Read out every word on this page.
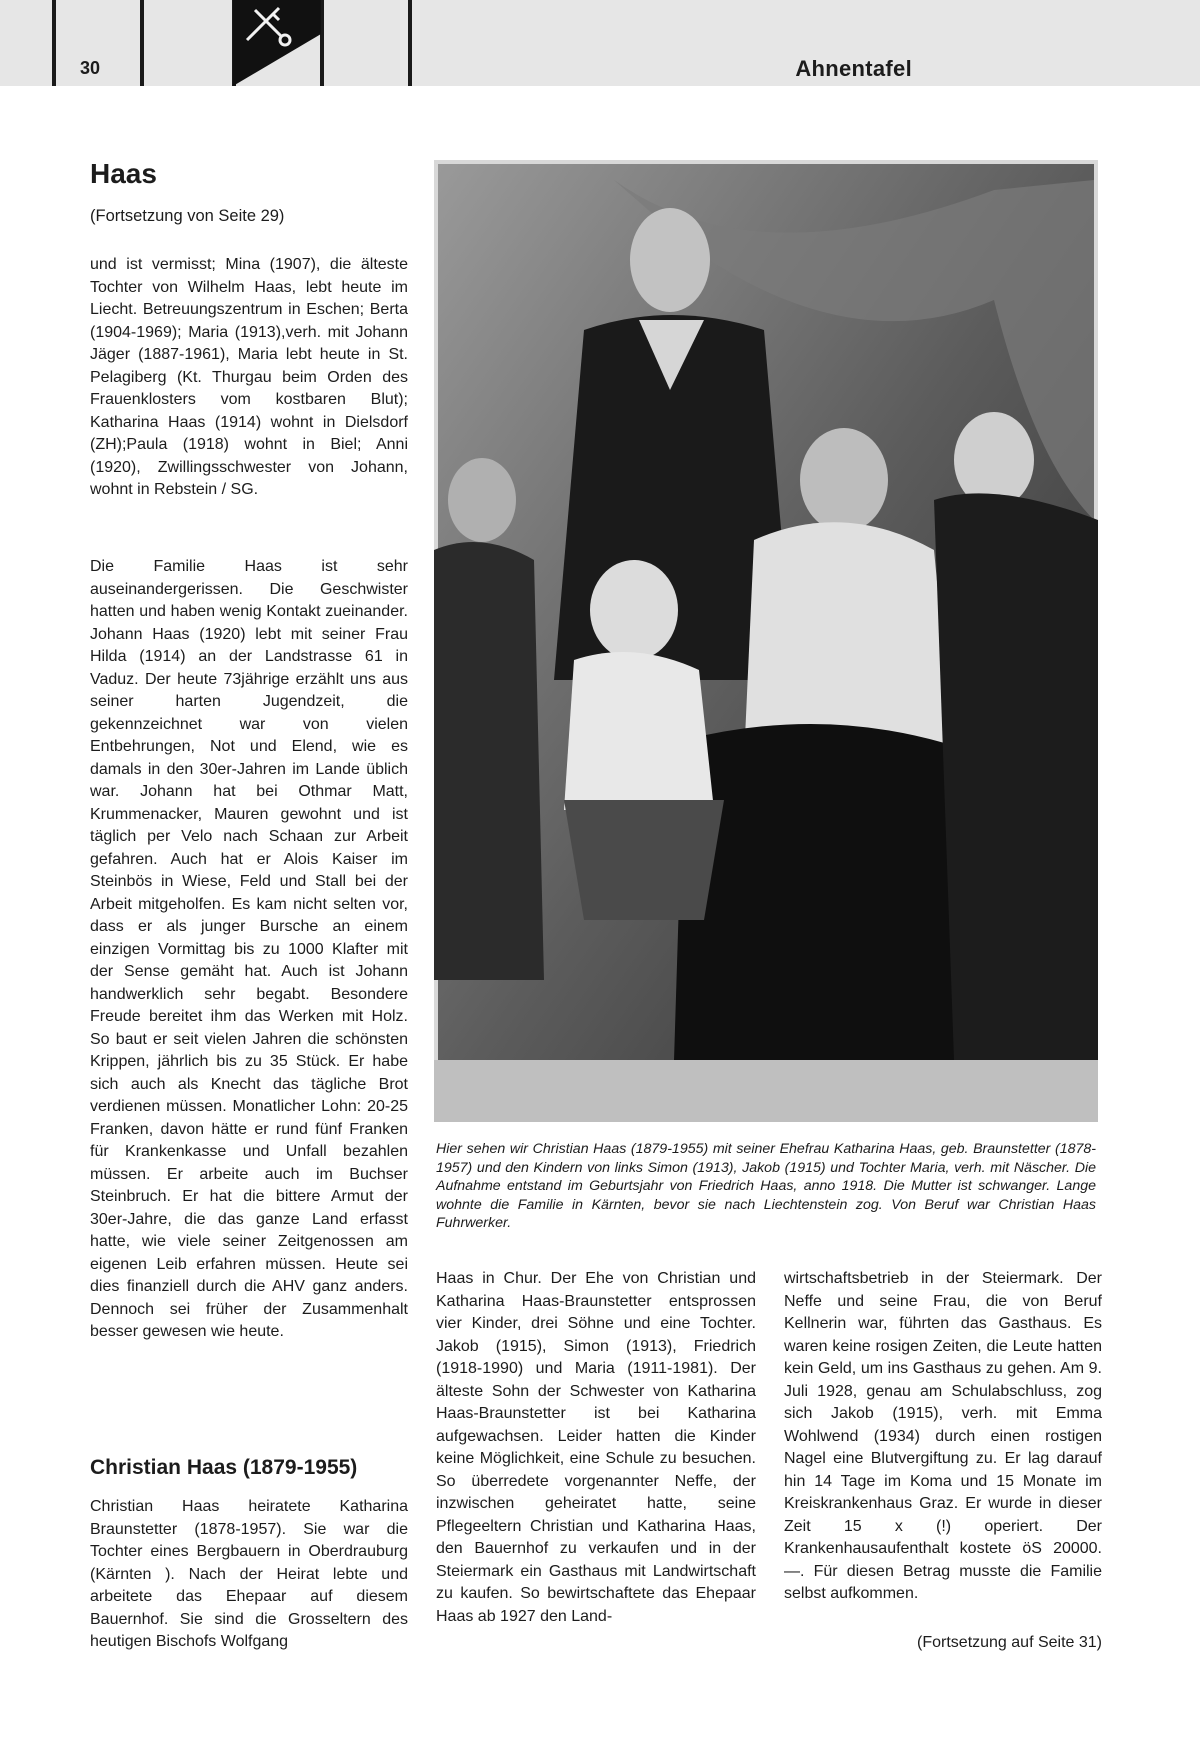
30	Ahnentafel
Haas
(Fortsetzung von Seite 29)

und ist vermisst; Mina (1907), die älteste Tochter von Wilhelm Haas, lebt heute im Liecht. Betreuungszentrum in Eschen; Berta (1904-1969); Maria (1913),verh. mit Johann Jäger (1887-1961), Maria lebt heute in St. Pelagiberg (Kt. Thurgau beim Orden des Frauenklosters vom kostbaren Blut); Katharina Haas (1914) wohnt in Dielsdorf (ZH);Paula (1918) wohnt in Biel; Anni (1920), Zwillingsschwester von Johann, wohnt in Rebstein / SG.

Die Familie Haas ist sehr auseinandergerissen. Die Geschwister hatten und haben wenig Kontakt zueinander. Johann Haas (1920) lebt mit seiner Frau Hilda (1914) an der Landstrasse 61 in Vaduz. Der heute 73jährige erzählt uns aus seiner harten Jugendzeit, die gekennzeichnet war von vielen Entbehrungen, Not und Elend, wie es damals in den 30er-Jahren im Lande üblich war. Johann hat bei Othmar Matt, Krummenacker, Mauren gewohnt und ist täglich per Velo nach Schaan zur Arbeit gefahren. Auch hat er Alois Kaiser im Steinbös in Wiese, Feld und Stall bei der Arbeit mitgeholfen. Es kam nicht selten vor, dass er als junger Bursche an einem einzigen Vormittag bis zu 1000 Klafter mit der Sense gemäht hat. Auch ist Johann handwerklich sehr begabt. Besondere Freude bereitet ihm das Werken mit Holz. So baut er seit vielen Jahren die schönsten Krippen, jährlich bis zu 35 Stück. Er habe sich auch als Knecht das tägliche Brot verdienen müssen. Monatlicher Lohn: 20-25 Franken, davon hätte er rund fünf Franken für Krankenkasse und Unfall bezahlen müssen. Er arbeite auch im Buchser Steinbruch. Er hat die bittere Armut der 30er-Jahre, die das ganze Land erfasst hatte, wie viele seiner Zeitgenossen am eigenen Leib erfahren müssen. Heute sei dies finanziell durch die AHV ganz anders. Dennoch sei früher der Zusammenhalt besser gewesen wie heute.

Christian Haas (1879-1955)

Christian Haas heiratete Katharina Braunstetter (1878-1957). Sie war die Tochter eines Bergbauern in Oberdrauburg (Kärnten ). Nach der Heirat lebte und arbeitete das Ehepaar auf diesem Bauernhof. Sie sind die Grosseltern des heutigen Bischofs Wolfgang

Hier sehen wir Christian Haas (1879-1955) mit seiner Ehefrau Katharina Haas, geb. Braunstetter (1878-1957) und den Kindern von links Simon (1913), Jakob (1915) und Tochter Maria, verh. mit Näscher. Die Aufnahme entstand im Geburtsjahr von Friedrich Haas, anno 1918. Die Mutter ist schwanger. Lange wohnte die Familie in Kärnten, bevor sie nach Liechtenstein zog. Von Beruf war Christian Haas Fuhrwerker.

Haas in Chur. Der Ehe von Christian und Katharina Haas-Braunstetter entsprossen vier Kinder, drei Söhne und eine Tochter. Jakob (1915), Simon (1913), Friedrich (1918-1990) und Maria (1911-1981). Der älteste Sohn der Schwester von Katharina Haas-Braunstetter ist bei Katharina aufgewachsen. Leider hatten die Kinder keine Möglichkeit, eine Schule zu besuchen. So überredete vorgenannter Neffe, der inzwischen geheiratet hatte, seine Pflegeeltern Christian und Katharina Haas, den Bauernhof zu verkaufen und in der Steiermark ein Gasthaus mit Landwirtschaft zu kaufen. So bewirtschaftete das Ehepaar Haas ab 1927 den Land-

wirtschaftsbetrieb in der Steiermark. Der Neffe und seine Frau, die von Beruf Kellnerin war, führten das Gasthaus. Es waren keine rosigen Zeiten, die Leute hatten kein Geld, um ins Gasthaus zu gehen. Am 9. Juli 1928, genau am Schulabschluss, zog sich Jakob (1915), verh. mit Emma Wohlwend (1934) durch einen rostigen Nagel eine Blutvergiftung zu. Er lag darauf hin 14 Tage im Koma und 15 Monate im Kreiskrankenhaus Graz. Er wurde in dieser Zeit 15 x (!) operiert. Der Krankenhausaufenthalt kostete öS 20000.—. Für diesen Betrag musste die Familie selbst aufkommen.

(Fortsetzung auf Seite 31)
